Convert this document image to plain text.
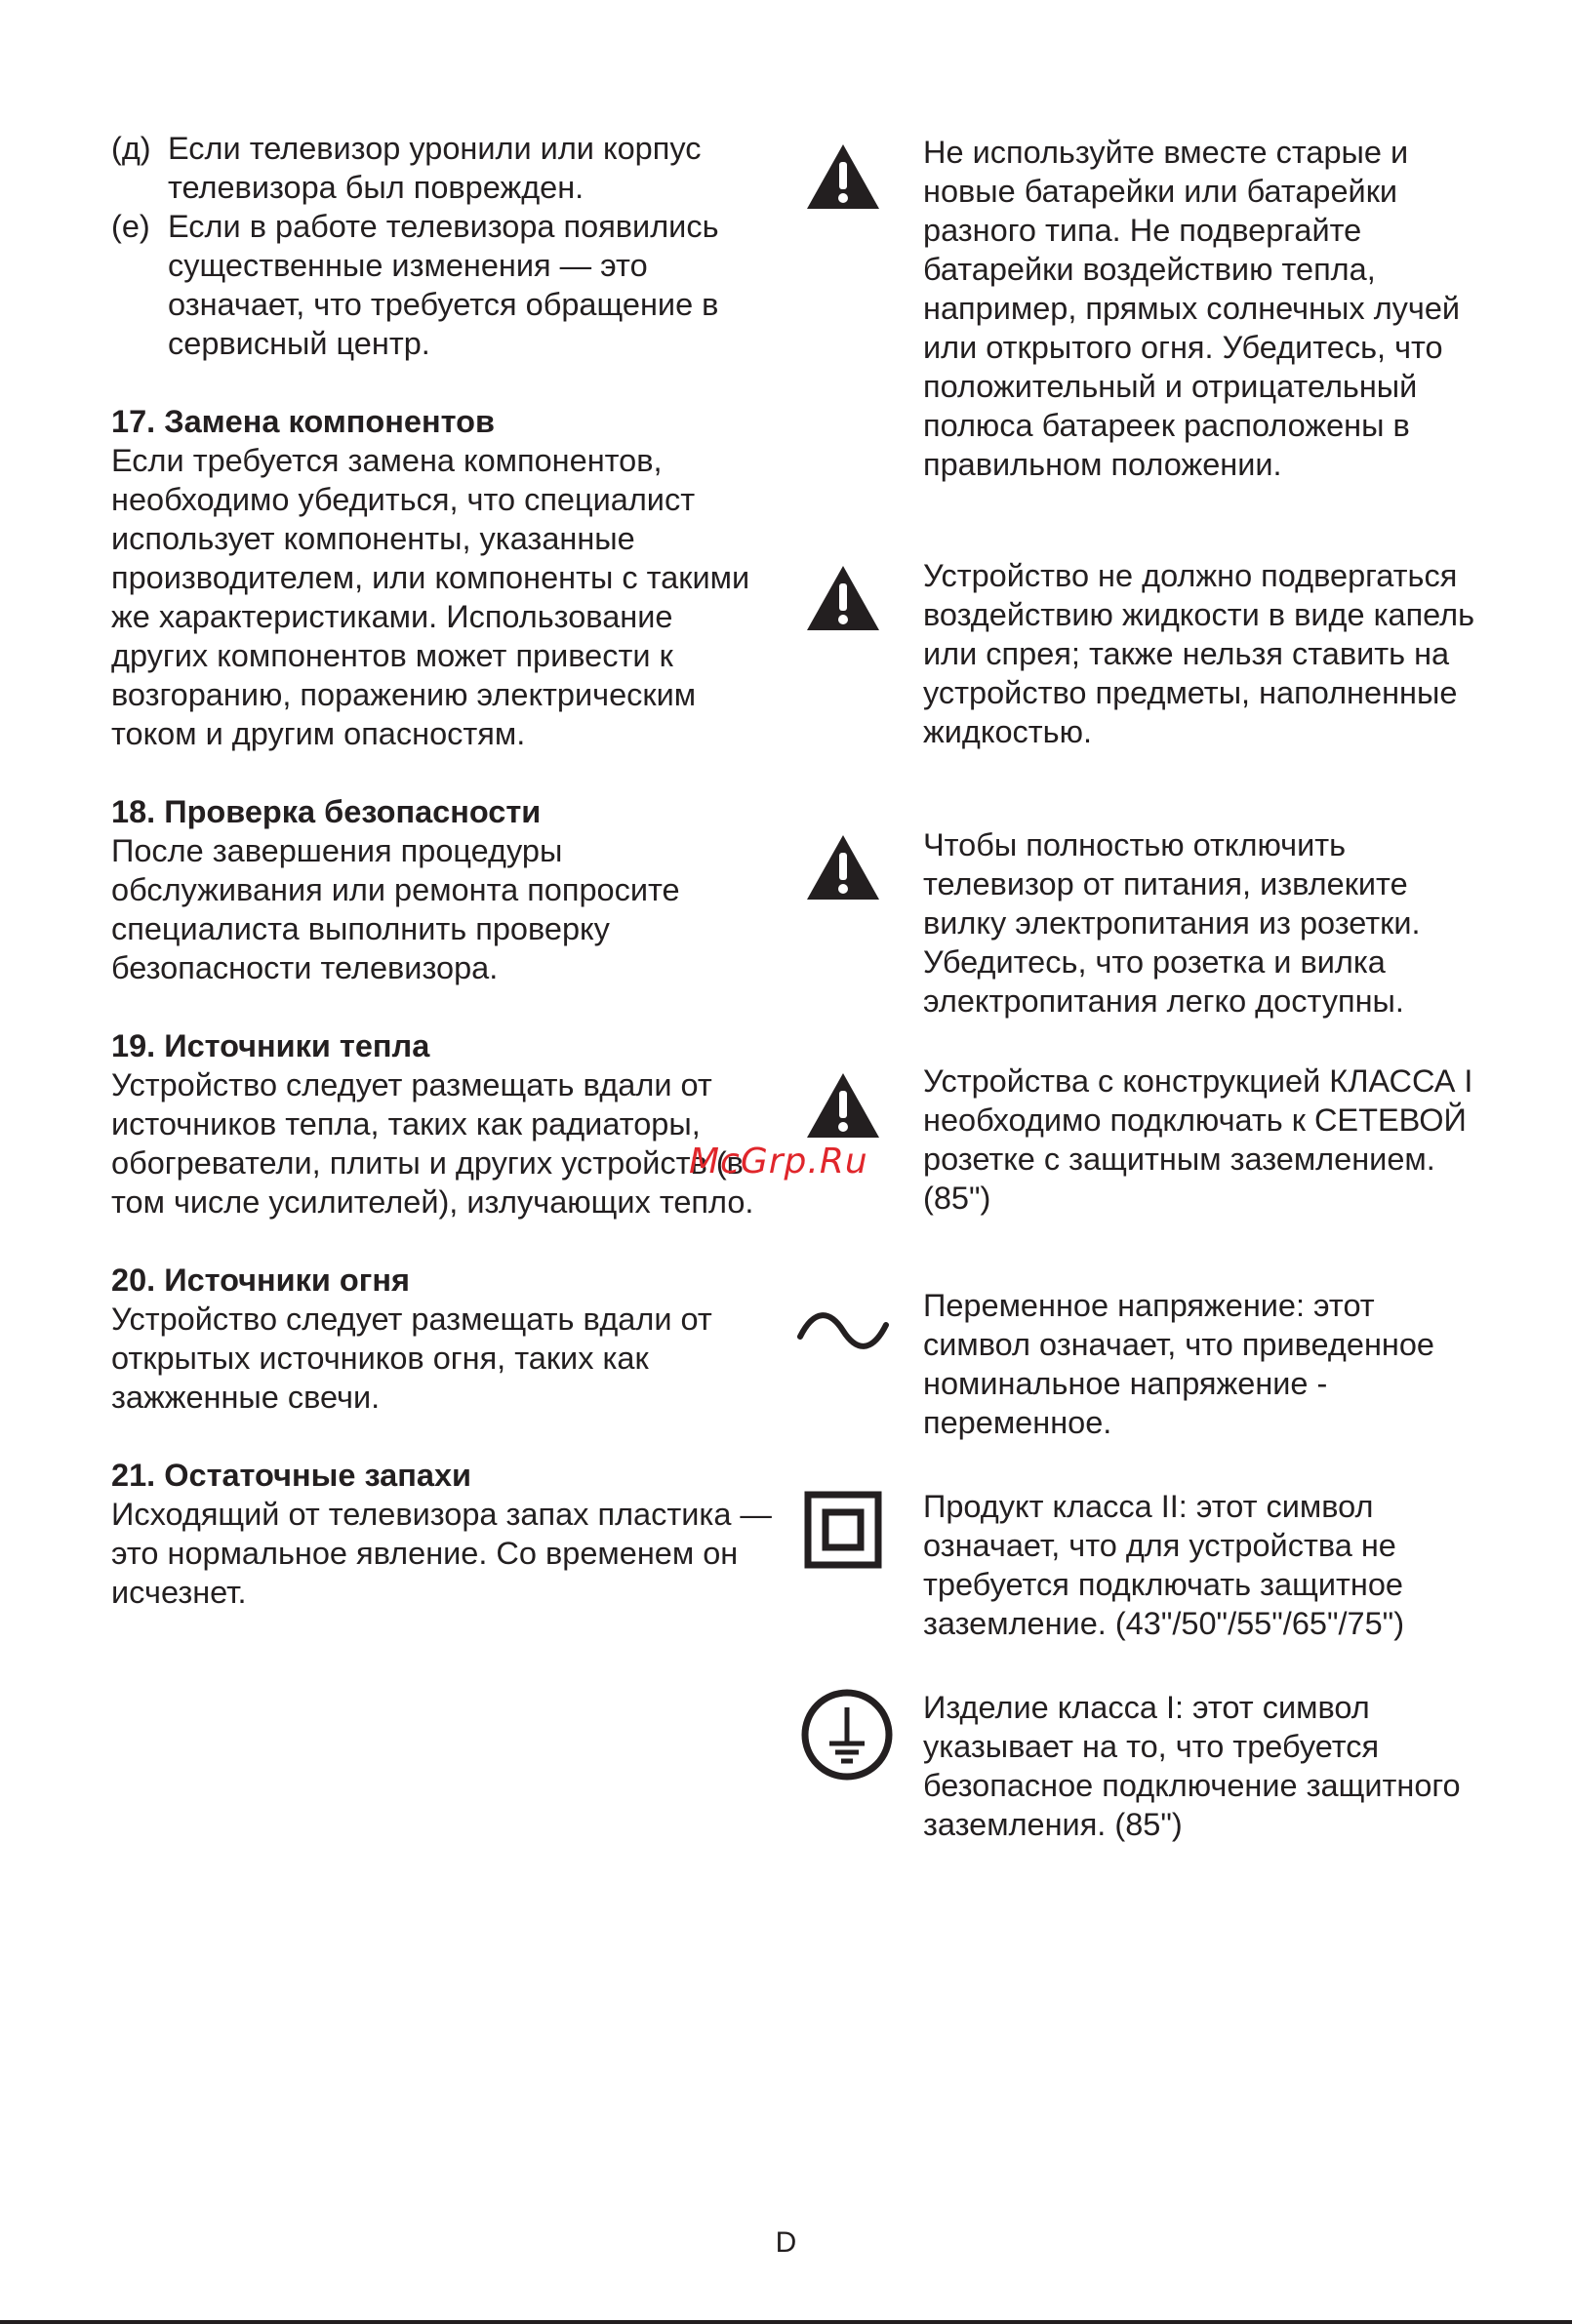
(д) Если телевизор уронили или корпус телевизора был поврежден.

(е) Если в работе телевизора появились существенные изменения — это означает, что требуется обращение в сервисный центр.

17. Замена компонентов

Если требуется замена компонентов, необходимо убедиться, что специалист использует компоненты, указанные производителем, или компоненты с такими же характеристиками. Использование других компонентов может привести к возгоранию, поражению электрическим током и другим опасностям.

18. Проверка безопасности

После завершения процедуры обслуживания или ремонта попросите специалиста выполнить проверку безопасности телевизора.

19. Источники тепла

Устройство следует размещать вдали от источников тепла, таких как радиаторы, обогреватели, плиты и других устройств (в том числе усилителей), излучающих тепло.

20. Источники огня

Устройство следует размещать вдали от открытых источников огня, таких как зажженные свечи.

21. Остаточные запахи

Исходящий от телевизора запах пластика — это нормальное явление. Со временем он исчезнет.

Не используйте вместе старые и новые батарейки или батарейки разного типа. Не подвергайте батарейки воздействию тепла, например, прямых солнечных лучей или открытого огня. Убедитесь, что положительный и отрицательный полюса батареек расположены в правильном положении.

Устройство не должно подвергаться воздействию жидкости в виде капель или спрея; также нельзя ставить на устройство предметы, наполненные жидкостью.

Чтобы полностью отключить телевизор от питания, извлеките вилку электропитания из розетки. Убедитесь, что розетка и вилка электропитания легко доступны.

Устройства с конструкцией КЛАССА I необходимо подключать к СЕТЕВОЙ розетке с защитным заземлением. (85")

Переменное напряжение: этот символ означает, что приведенное номинальное напряжение - переменное.

Продукт класса II: этот символ означает, что для устройства не требуется подключать защитное заземление. (43"/50"/55"/65"/75")

Изделие класса I: этот символ указывает на то, что требуется безопасное подключение защитного заземления. (85")

McGrp.Ru
D
